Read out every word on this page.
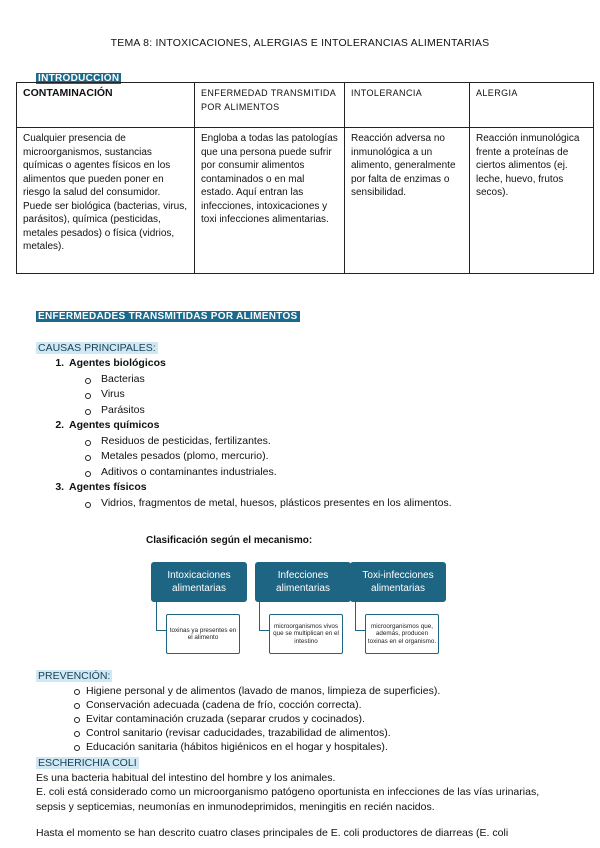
TEMA 8: INTOXICACIONES, ALERGIAS E INTOLERANCIAS ALIMENTARIAS
INTRODUCCIÓN
CONTAMINACIÓN	ENFERMEDAD TRANSMITIDA POR ALIMENTOS	INTOLERANCIA	ALERGIA
Cualquier presencia de microorganismos, sustancias químicas o agentes físicos en los alimentos que pueden poner en riesgo la salud del consumidor. Puede ser biológica (bacterias, virus, parásitos), química (pesticidas, metales pesados) o física (vidrios, metales).	Engloba a todas las patologías que una persona puede sufrir por consumir alimentos contaminados o en mal estado. Aquí entran las infecciones, intoxicaciones y toxi infecciones alimentarias.	Reacción adversa no inmunológica a un alimento, generalmente por falta de enzimas o sensibilidad.	Reacción inmunológica frente a proteínas de ciertos alimentos (ej. leche, huevo, frutos secos).
ENFERMEDADES TRANSMITIDAS POR ALIMENTOS
CAUSAS PRINCIPALES:
1. Agentes biológicos
Bacterias
Virus
Parásitos
2. Agentes químicos
Residuos de pesticidas, fertilizantes.
Metales pesados (plomo, mercurio).
Aditivos o contaminantes industriales.
3. Agentes físicos
Vidrios, fragmentos de metal, huesos, plásticos presentes en los alimentos.
Clasificación según el mecanismo:
Intoxicaciones alimentarias
Infecciones alimentarias
Toxi-infecciones alimentarias
toxinas ya presentes en el alimento
microorganismos vivos que se multiplican en el intestino
microorganismos que, además, producen toxinas en el organismo.
PREVENCIÓN:
Higiene personal y de alimentos (lavado de manos, limpieza de superficies).
Conservación adecuada (cadena de frío, cocción correcta).
Evitar contaminación cruzada (separar crudos y cocinados).
Control sanitario (revisar caducidades, trazabilidad de alimentos).
Educación sanitaria (hábitos higiénicos en el hogar y hospitales).
ESCHERICHIA COLI
Es una bacteria habitual del intestino del hombre y los animales.
E. coli está considerado como un microorganismo patógeno oportunista en infecciones de las vías urinarias, sepsis y septicemias, neumonías en inmunodeprimidos, meningitis en recién nacidos.
Hasta el momento se han descrito cuatro clases principales de E. coli productores de diarreas (E. coli
